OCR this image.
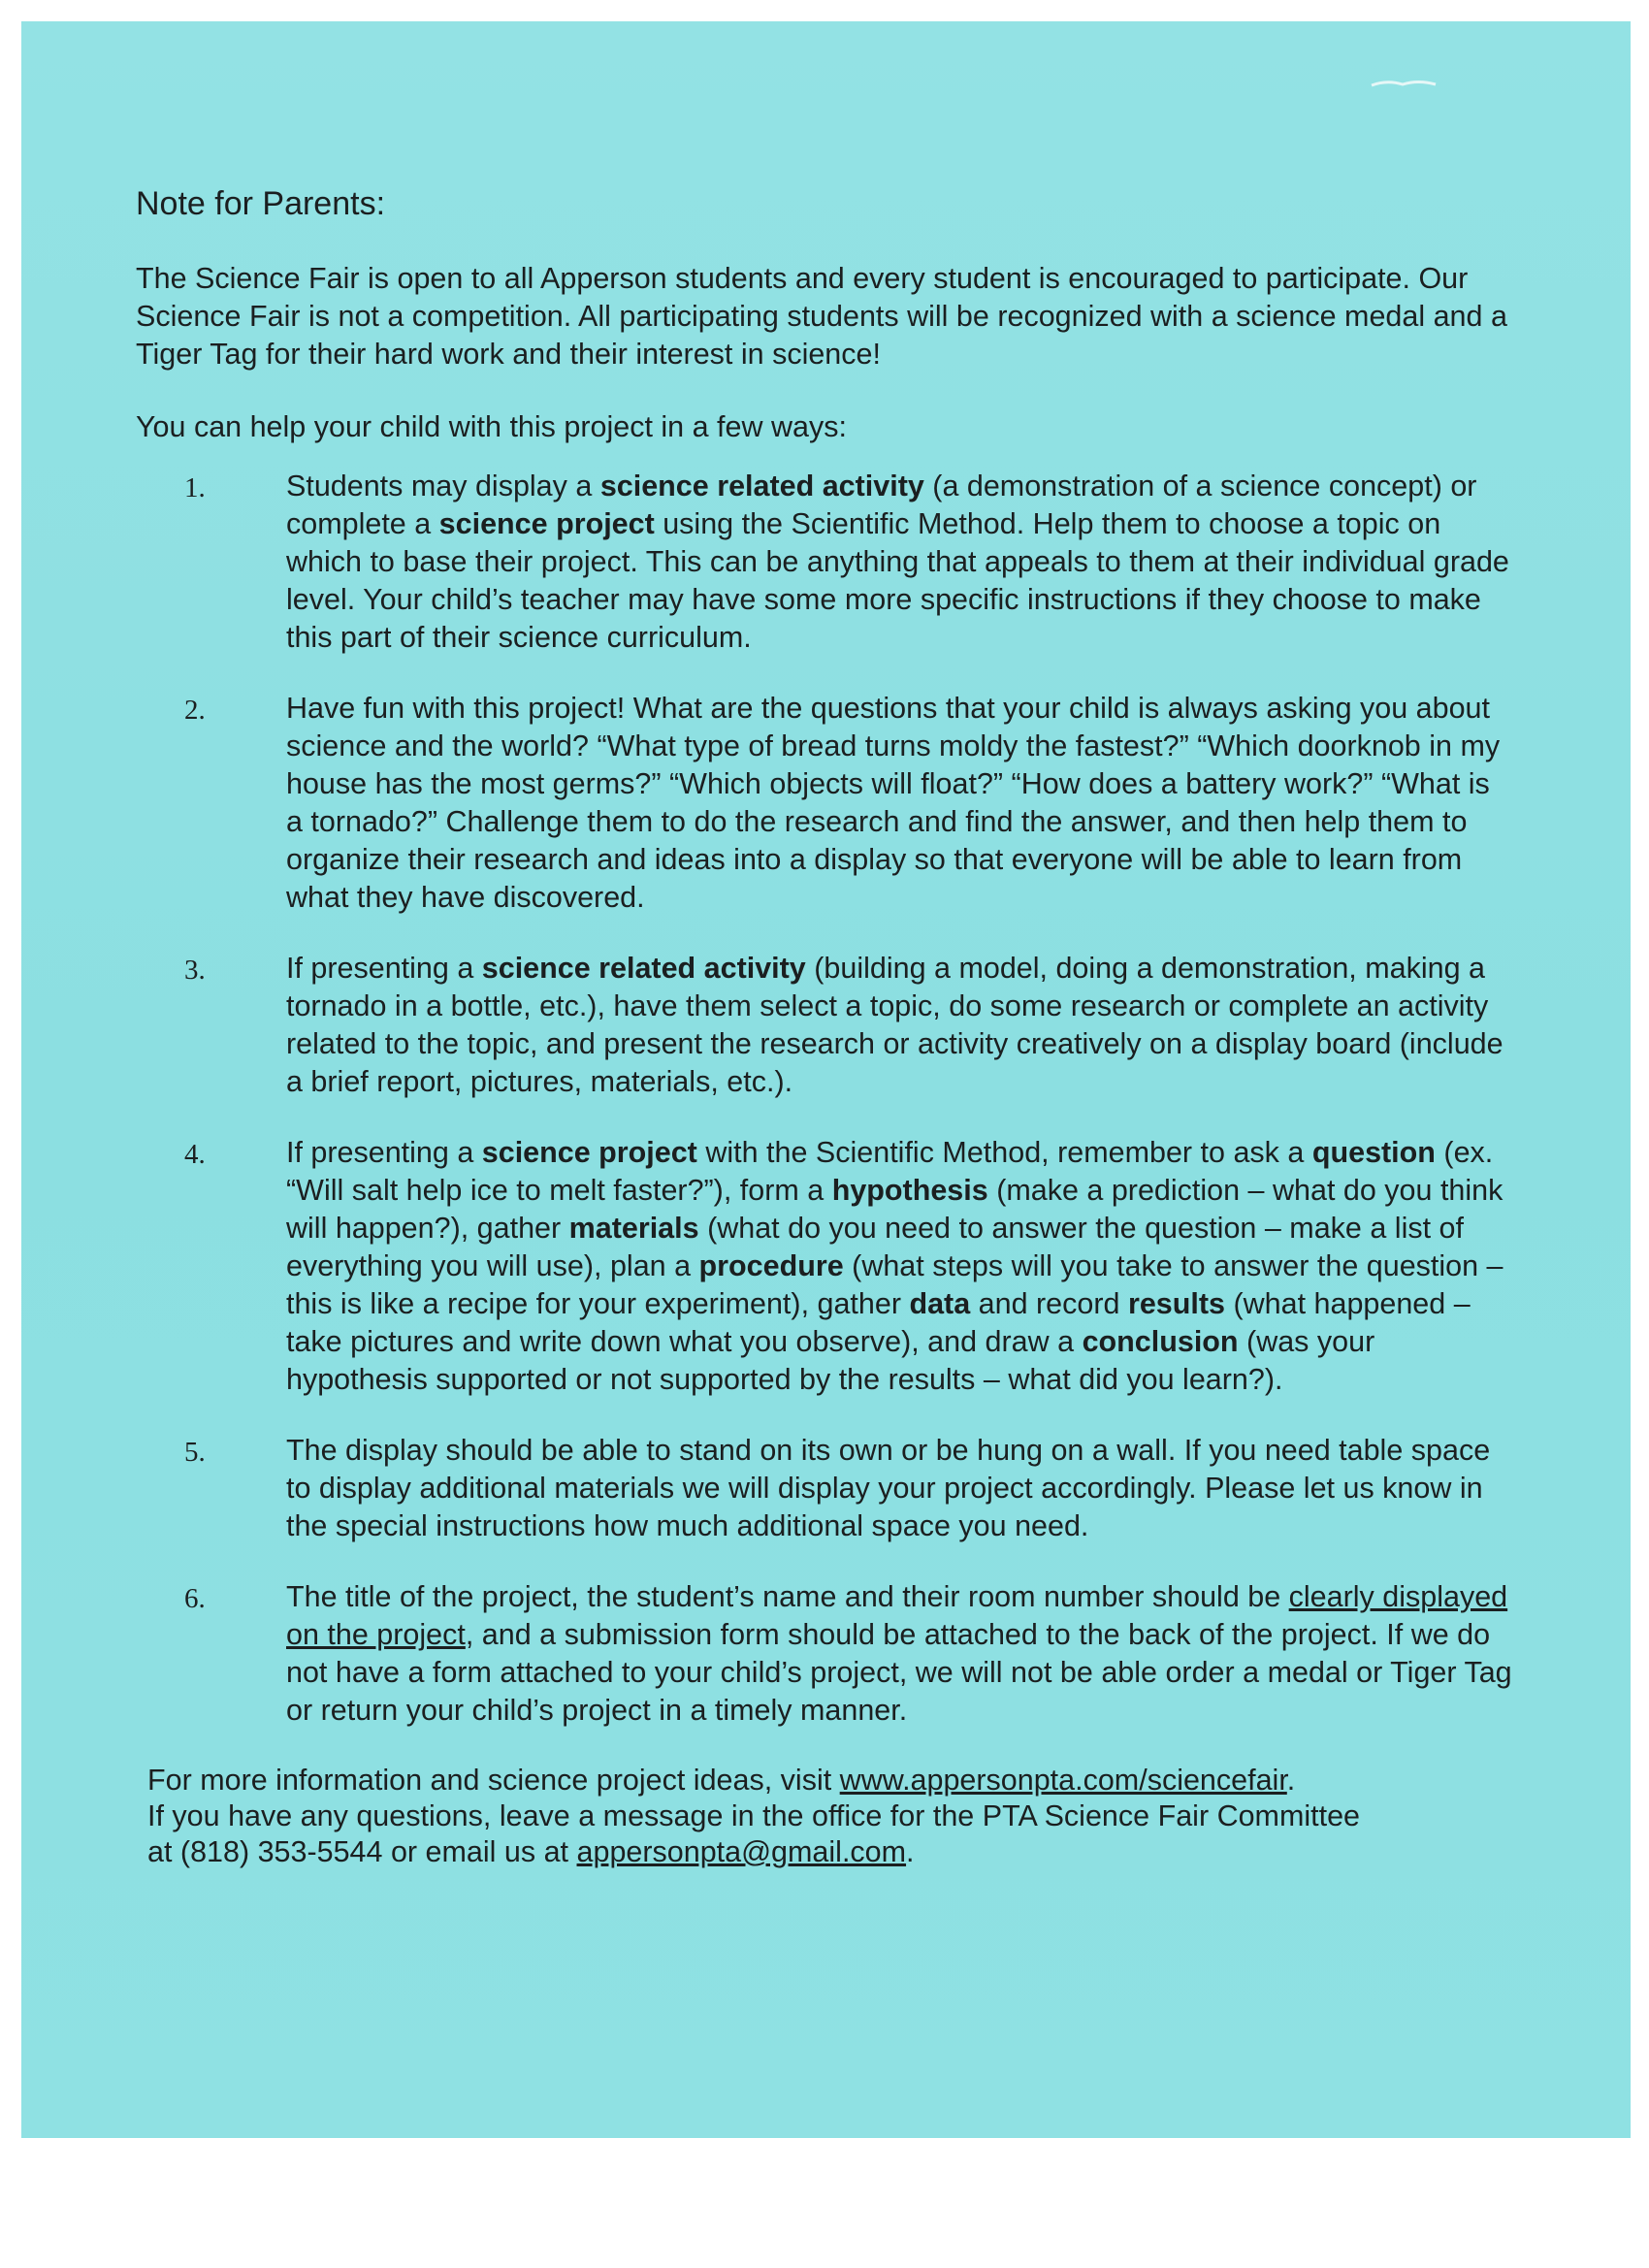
Note for Parents:

The Science Fair is open to all Apperson students and every student is encouraged to participate. Our Science Fair is not a competition. All participating students will be recognized with a science medal and a Tiger Tag for their hard work and their interest in science!

You can help your child with this project in a few ways:

1.	Students may display a science related activity (a demonstration of a science concept) or complete a science project using the Scientific Method. Help them to choose a topic on which to base their project. This can be anything that appeals to them at their individual grade level. Your child’s teacher may have some more specific instructions if they choose to make this part of their science curriculum.
2.	Have fun with this project! What are the questions that your child is always asking you about science and the world? “What type of bread turns moldy the fastest?” “Which doorknob in my house has the most germs?” “Which objects will float?” “How does a battery work?” “What is a tornado?” Challenge them to do the research and find the answer, and then help them to organize their research and ideas into a display so that everyone will be able to learn from what they have discovered.
3.	If presenting a science related activity (building a model, doing a demonstration, making a tornado in a bottle, etc.), have them select a topic, do some research or complete an activity related to the topic, and present the research or activity creatively on a display board (include a brief report, pictures, materials, etc.).
4.	If presenting a science project with the Scientific Method, remember to ask a question (ex. “Will salt help ice to melt faster?”), form a hypothesis (make a prediction – what do you think will happen?), gather materials (what do you need to answer the question – make a list of everything you will use), plan a procedure (what steps will you take to answer the question – this is like a recipe for your experiment), gather data and record results (what happened – take pictures and write down what you observe), and draw a conclusion (was your hypothesis supported or not supported by the results – what did you learn?).
5.	The display should be able to stand on its own or be hung on a wall. If you need table space to display additional materials we will display your project accordingly. Please let us know in the special instructions how much additional space you need.
6.	The title of the project, the student’s name and their room number should be clearly displayed on the project, and a submission form should be attached to the back of the project. If we do not have a form attached to your child’s project, we will not be able order a medal or Tiger Tag or return your child’s project in a timely manner.
For more information and science project ideas, visit www.appersonpta.com/sciencefair.
If you have any questions, leave a message in the office for the PTA Science Fair Committee
at (818) 353-5544 or email us at appersonpta@gmail.com.
